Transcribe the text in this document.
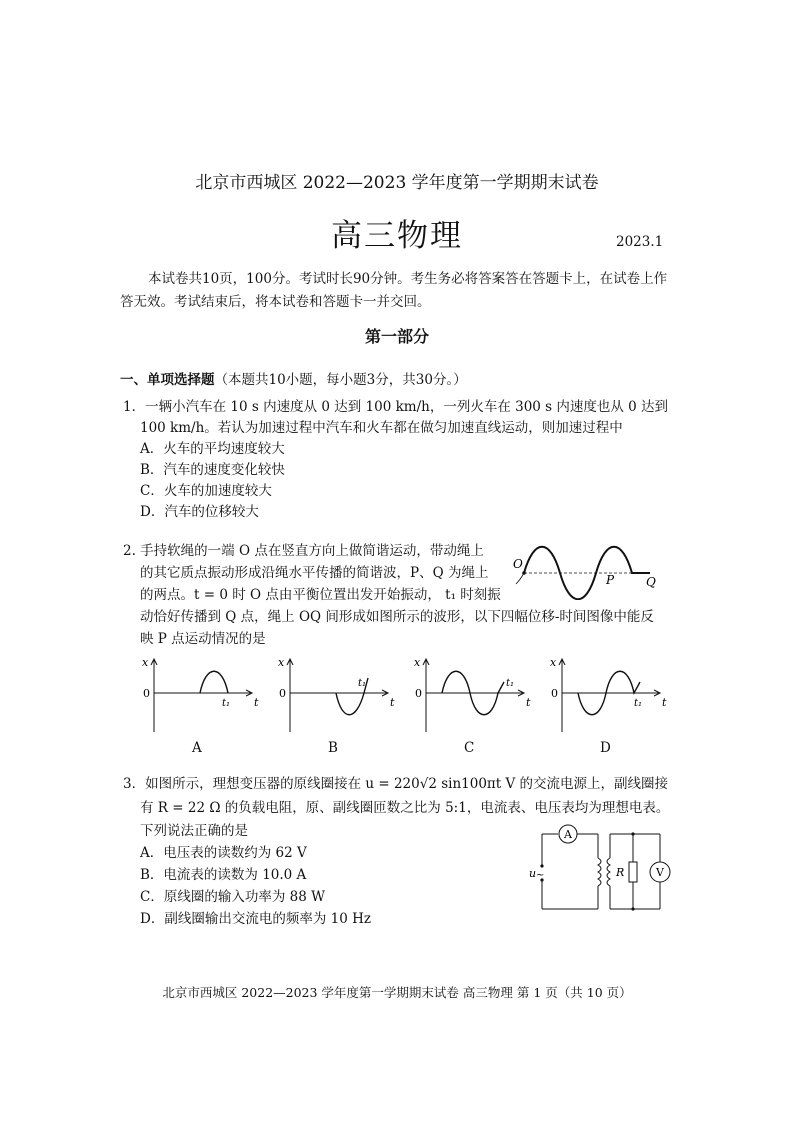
北京市西城区 2022—2023 学年度第一学期期末试卷
高三物理	2023.1
本试卷共10页，100分。考试时长90分钟。考生务必将答案答在答题卡上，在试卷上作
答无效。考试结束后，将本试卷和答题卡一并交回。
第一部分
一、单项选择题（本题共10小题，每小题3分，共30分。）
1．一辆小汽车在 10 s 内速度从 0 达到 100 km/h，一列火车在 300 s 内速度也从 0 达到
100 km/h。若认为加速过程中汽车和火车都在做匀加速直线运动，则加速过程中
A．火车的平均速度较大
B．汽车的速度变化较快
C．火车的加速度较大
D．汽车的位移较大
2. 手持软绳的一端 O 点在竖直方向上做简谐运动，带动绳上
的其它质点振动形成沿绳水平传播的简谐波，P、Q 为绳上
的两点。t = 0 时 O 点由平衡位置出发开始振动， t₁ 时刻振
动恰好传播到 Q 点，绳上 OQ 间形成如图所示的波形，以下四幅位移-时间图像中能反
映 P 点运动情况的是
O
P	Q
x
0
t
t₁
A
x
0
t
t₁
B
x
0
t
t₁
C
x
0
t
t₁
D
3．如图所示，理想变压器的原线圈接在 u = 220√2 sin100πt V 的交流电源上，副线圈接
有 R = 22 Ω 的负载电阻，原、副线圈匝数之比为 5:1，电流表、电压表均为理想电表。
下列说法正确的是
A．电压表的读数约为 62 V
B．电流表的读数为 10.0 A
C．原线圈的输入功率为 88 W
D．副线圈输出交流电的频率为 10 Hz
A
u ~	R	V
北京市西城区 2022—2023 学年度第一学期期末试卷 高三物理 第 1 页（共 10 页）
